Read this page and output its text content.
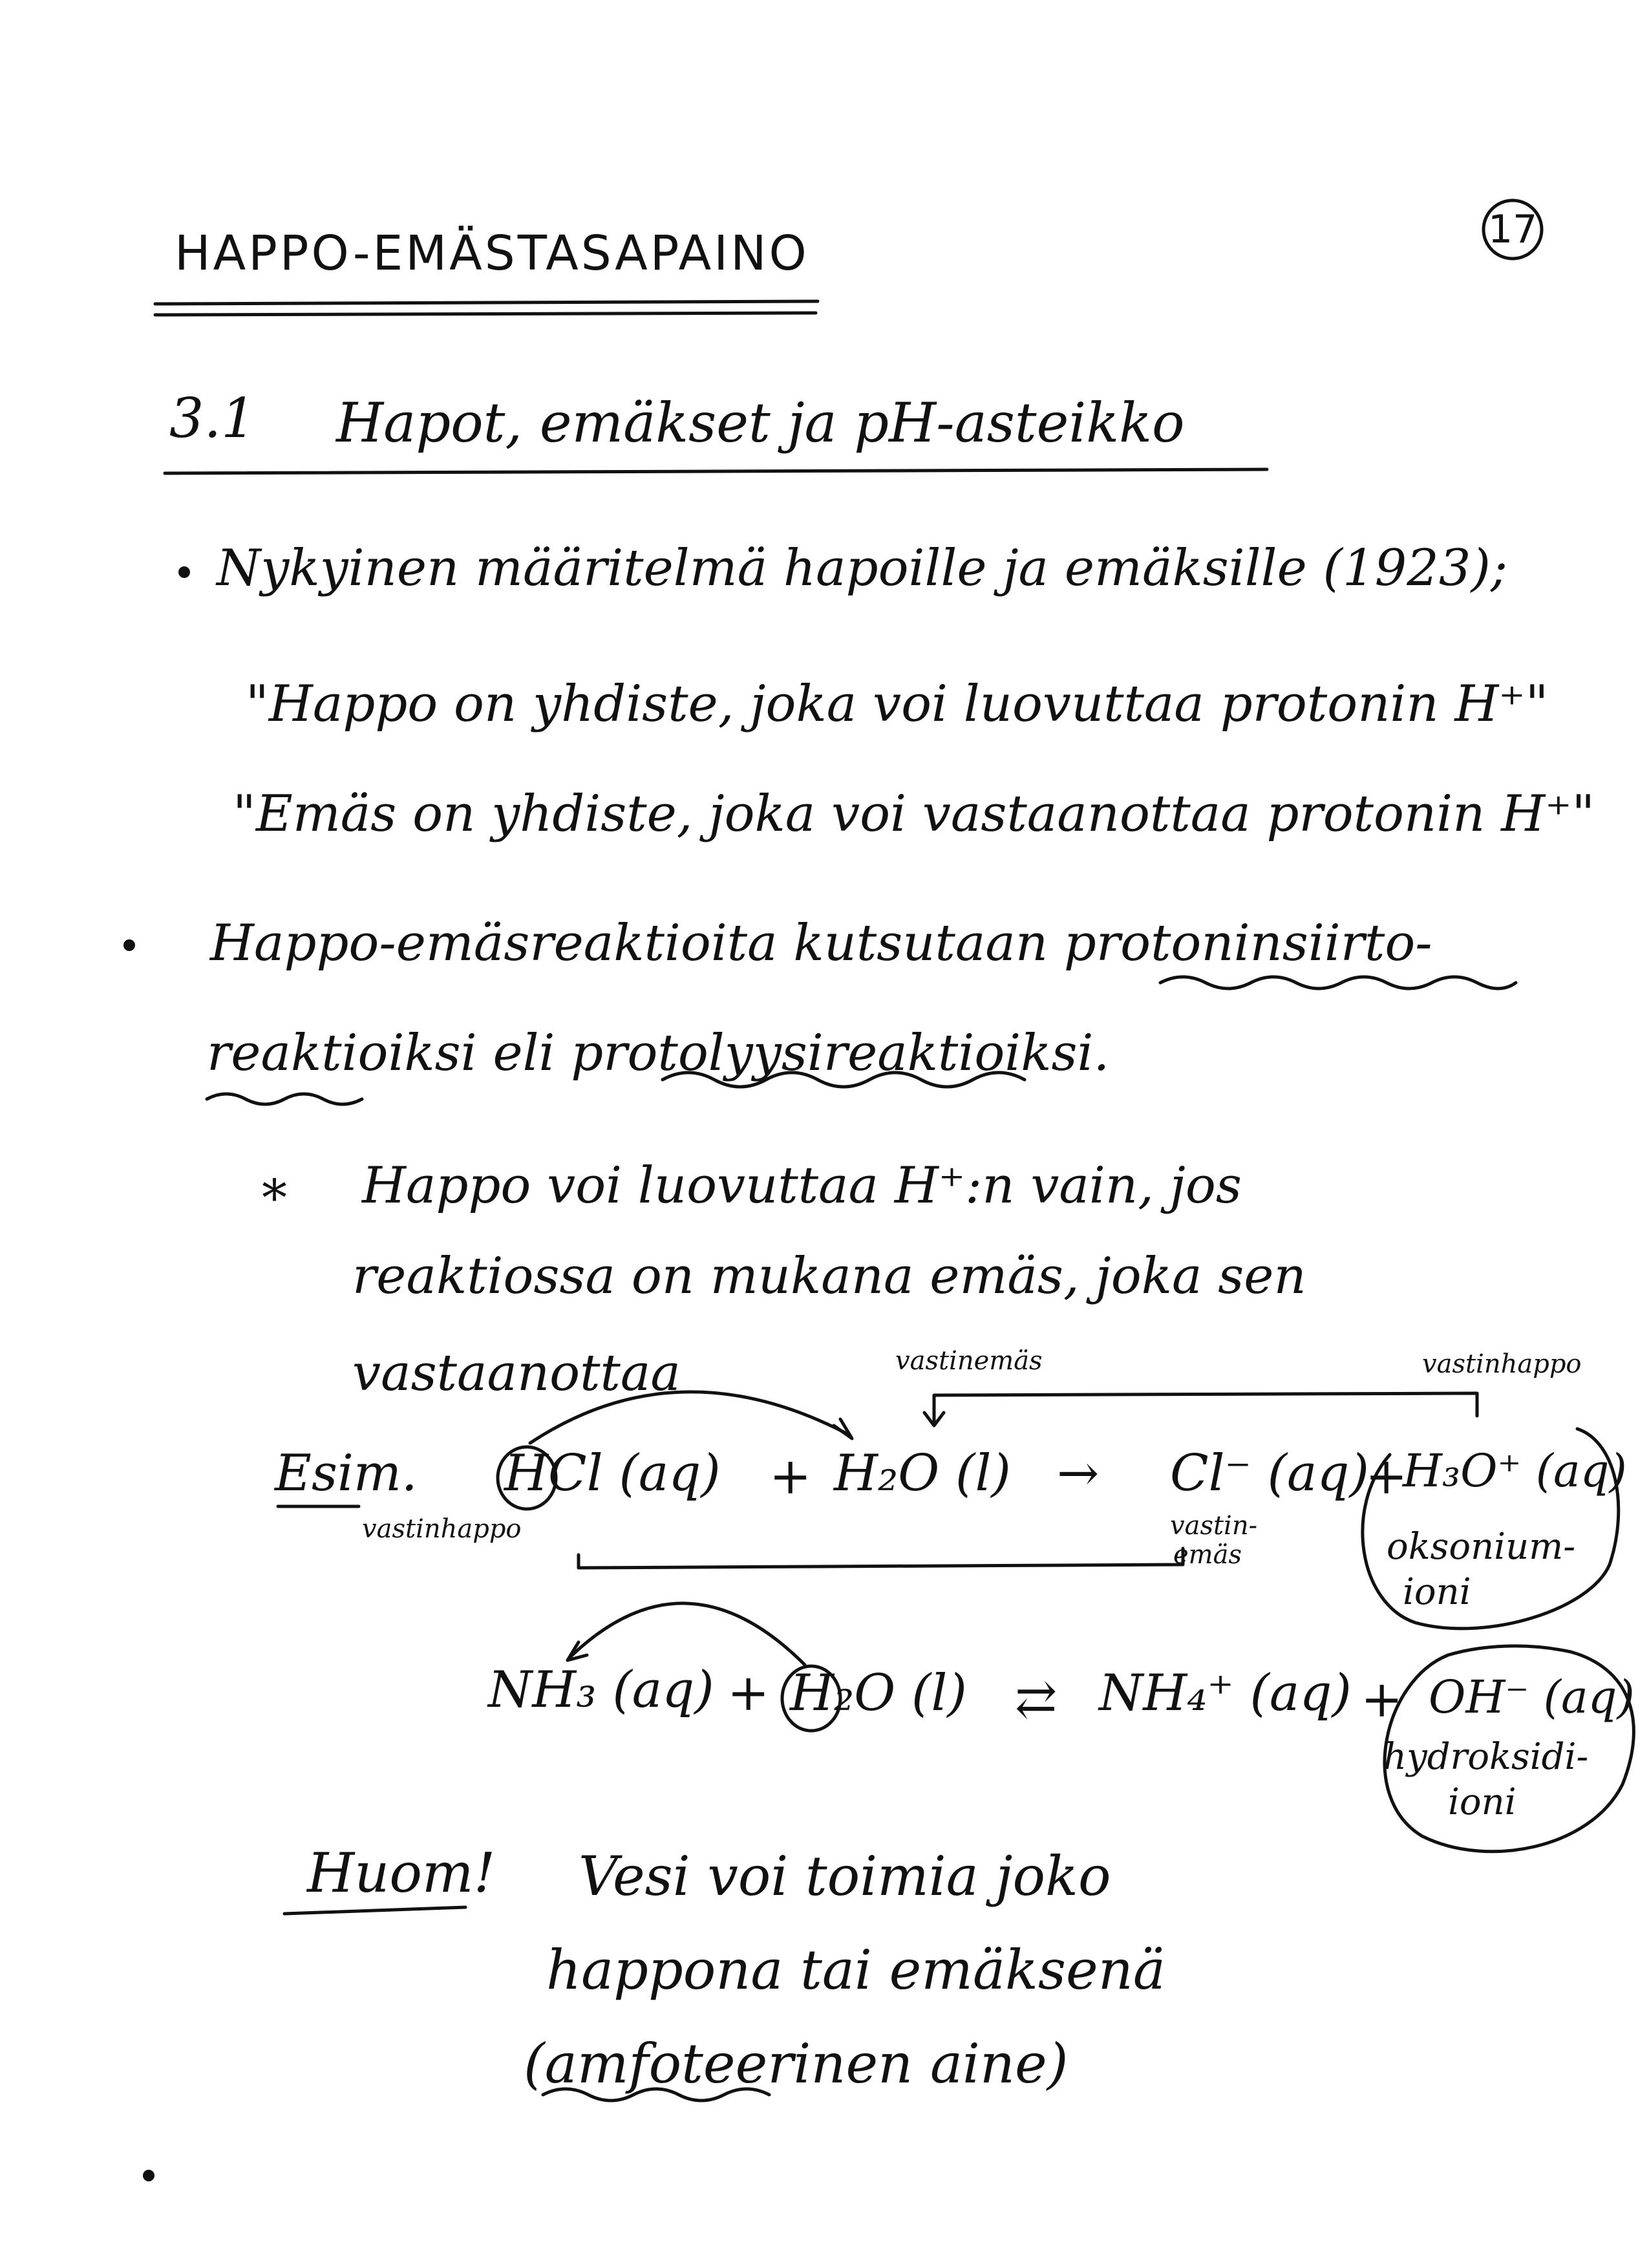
17
HAPPO-EMÄSTASAPAINO
3.1 Hapot, emäkset ja pH-asteikko
Nykyinen määritelmä hapoille ja emäksille (1923);
"Happo on yhdiste, joka voi luovuttaa protonin H⁺"
"Emäs on yhdiste, joka voi vastaanottaa protonin H⁺"
Happo-emäsreaktioita kutsutaan protoninsiirto-
reaktioiksi eli protolyysireaktioiksi.
* Happo voi luovuttaa H⁺:n vain, jos
reaktiossa on mukana emäs, joka sen
vastaanottaa	vastinemäs	vastinhappo
Esim. HCl (aq) + H₂O (l) → Cl⁻ (aq)
+
H₃O⁺ (aq)
vastinhappo	vastin-
emäs	oksonium-
ioni
NH₃ (aq) + H₂O (l) ⇄ NH₄⁺ (aq) + OH⁻ (aq)
hydroksidi-
ioni
Huom! Vesi voi toimia joko
happona tai emäksenä
(amfoteerinen aine)
